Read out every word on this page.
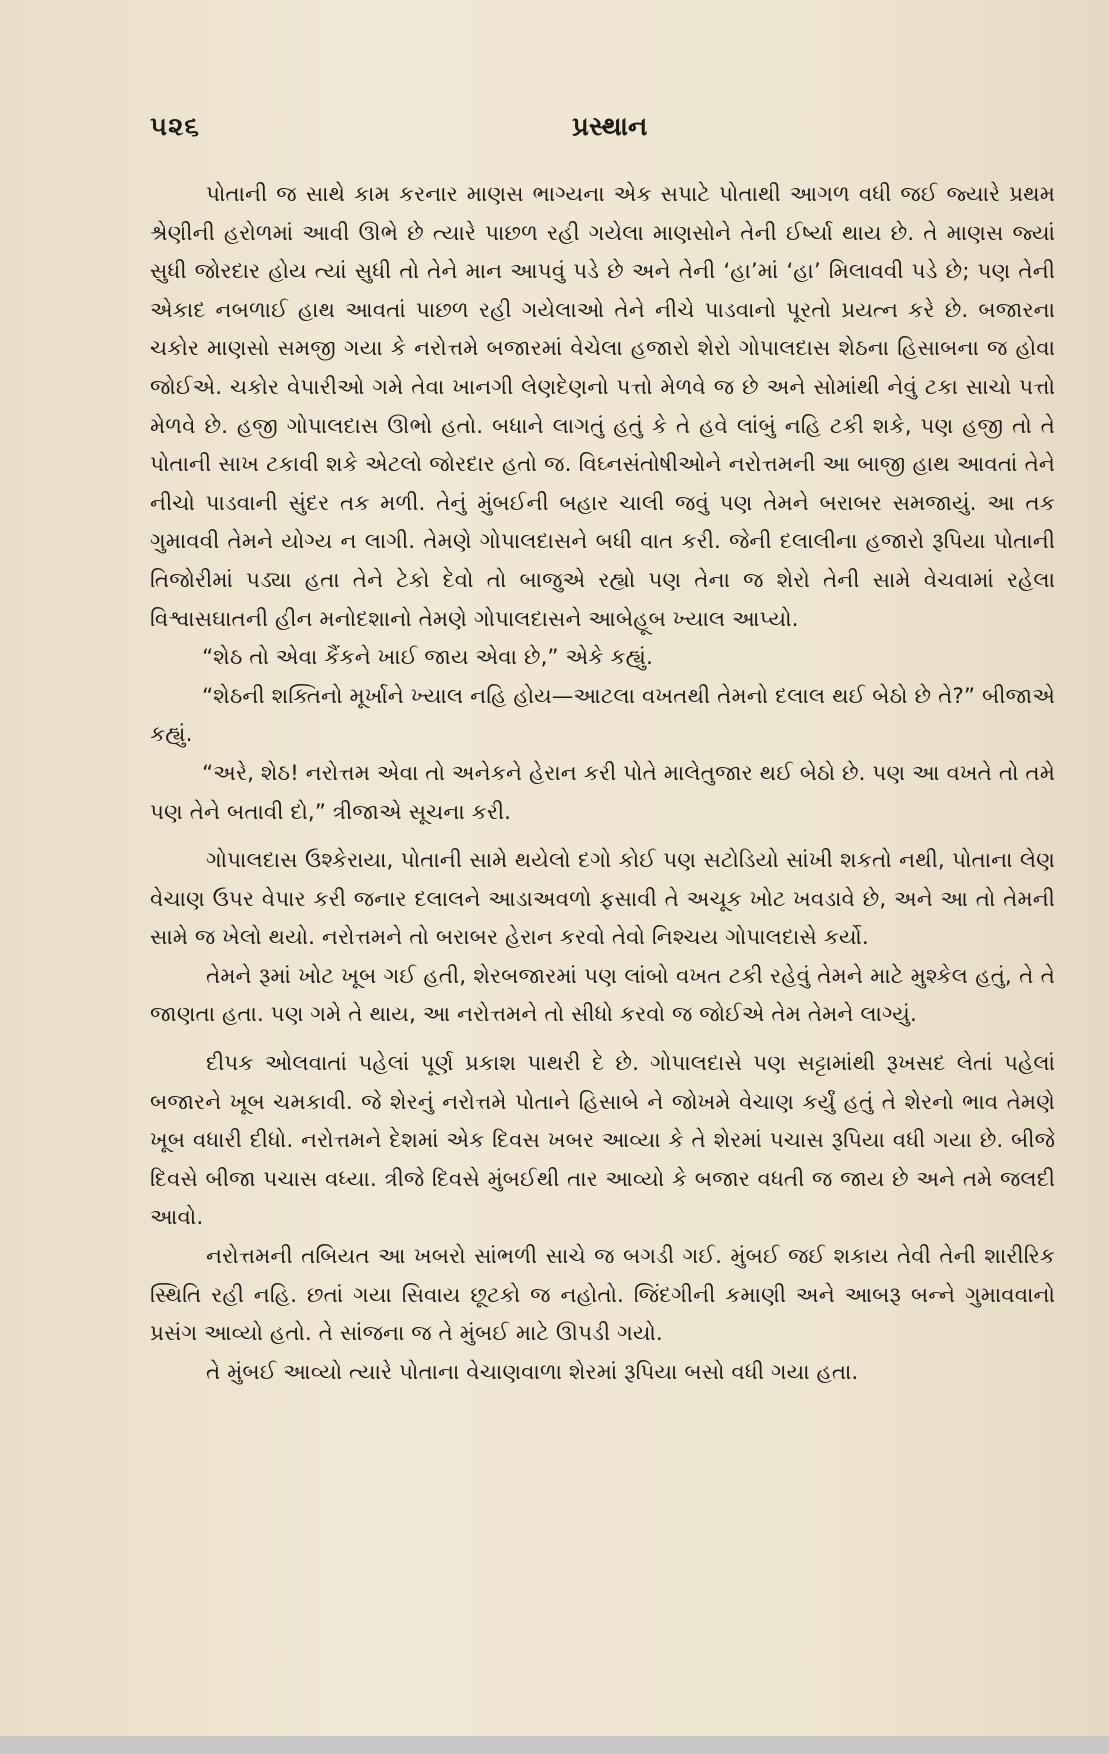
૫૨૬	પ્રસ્થાન

પોતાની જ સાથે કામ કરનાર માણસ ભાગ્યના એક સપાટે પોતાથી આગળ વધી જઈ જ્યારે પ્રથમ શ્રેણીની હરોળમાં આવી ઊભે છે ત્યારે પાછળ રહી ગયેલા માણસોને તેની ઈર્ષ્યા થાય છે. તે માણસ જ્યાં સુધી જોરદાર હોય ત્યાં સુધી તો તેને માન આપવું પડે છે અને તેની ‘હા’માં ‘હા’ મિલાવવી પડે છે; પણ તેની એકાદ નબળાઈ હાથ આવતાં પાછળ રહી ગયેલાઓ તેને નીચે પાડવાનો પૂરતો પ્રયત્ન કરે છે. બજારના ચકોર માણસો સમજી ગયા કે નરોત્તમે બજારમાં વેચેલા હજારો શેરો ગોપાલદાસ શેઠના હિસાબના જ હોવા જોઈએ. ચકોર વેપારીઓ ગમે તેવા ખાનગી લેણદેણનો પત્તો મેળવે જ છે અને સોમાંથી નેવું ટકા સાચો પત્તો મેળવે છે. હજી ગોપાલદાસ ઊભો હતો. બધાને લાગતું હતું કે તે હવે લાંબું નહિ ટકી શકે, પણ હજી તો તે પોતાની સાખ ટકાવી શકે એટલો જોરદાર હતો જ. વિઘ્નસંતોષીઓને નરોત્તમની આ બાજી હાથ આવતાં તેને નીચો પાડવાની સુંદર તક મળી. તેનું મુંબઈની બહાર ચાલી જવું પણ તેમને બરાબર સમજાયું. આ તક ગુમાવવી તેમને યોગ્ય ન લાગી. તેમણે ગોપાલદાસને બધી વાત કરી. જેની દલાલીના હજારો રૂપિયા પોતાની તિજોરીમાં પડ્યા હતા તેને ટેકો દેવો તો બાજુએ રહ્યો પણ તેના જ શેરો તેની સામે વેચવામાં રહેલા વિશ્વાસઘાતની હીન મનોદશાનો તેમણે ગોપાલદાસને આબેહૂબ ખ્યાલ આપ્યો.

“શેઠ તો એવા કૈંકને ખાઈ જાય એવા છે,” એકે કહ્યું.

“શેઠની શક્તિનો મૂર્ખાને ખ્યાલ નહિ હોય—આટલા વખતથી તેમનો દલાલ થઈ બેઠો છે તે?” બીજાએ કહ્યું.

“અરે, શેઠ! નરોત્તમ એવા તો અનેકને હેરાન કરી પોતે માલેતુજાર થઈ બેઠો છે. પણ આ વખતે તો તમે પણ તેને બતાવી દો,” ત્રીજાએ સૂચના કરી.

ગોપાલદાસ ઉશ્કેરાયા, પોતાની સામે થયેલો દગો કોઈ પણ સટોડિયો સાંખી શકતો નથી, પોતાના લેણ વેચાણ ઉપર વેપાર કરી જનાર દલાલને આડાઅવળો ફસાવી તે અચૂક ખોટ ખવડાવે છે, અને આ તો તેમની સામે જ ખેલો થયો. નરોત્તમને તો બરાબર હેરાન કરવો તેવો નિશ્ચય ગોપાલદાસે કર્યો.

તેમને રૂમાં ખોટ ખૂબ ગઈ હતી, શેરબજારમાં પણ લાંબો વખત ટકી રહેવું તેમને માટે મુશ્કેલ હતું, તે તે જાણતા હતા. પણ ગમે તે થાય, આ નરોત્તમને તો સીધો કરવો જ જોઈએ તેમ તેમને લાગ્યું.

દીપક ઓલવાતાં પહેલાં પૂર્ણ પ્રકાશ પાથરી દે છે. ગોપાલદાસે પણ સટ્ટામાંથી રૂખસદ લેતાં પહેલાં બજારને ખૂબ ચમકાવી. જે શેરનું નરોત્તમે પોતાને હિસાબે ને જોખમે વેચાણ કર્યું હતું તે શેરનો ભાવ તેમણે ખૂબ વધારી દીધો. નરોત્તમને દેશમાં એક દિવસ ખબર આવ્યા કે તે શેરમાં પચાસ રૂપિયા વધી ગયા છે. બીજે દિવસે બીજા પચાસ વધ્યા. ત્રીજે દિવસે મુંબઈથી તાર આવ્યો કે બજાર વધતી જ જાય છે અને તમે જલદી આવો.

નરોત્તમની તબિયત આ ખબરો સાંભળી સાચે જ બગડી ગઈ. મુંબઈ જઈ શકાય તેવી તેની શારીરિક સ્થિતિ રહી નહિ. છતાં ગયા સિવાય છૂટકો જ નહોતો. જિંદગીની કમાણી અને આબરૂ બન્ને ગુમાવવાનો પ્રસંગ આવ્યો હતો. તે સાંજના જ તે મુંબઈ માટે ઊપડી ગયો.

તે મુંબઈ આવ્યો ત્યારે પોતાના વેચાણવાળા શેરમાં રૂપિયા બસો વધી ગયા હતા.
